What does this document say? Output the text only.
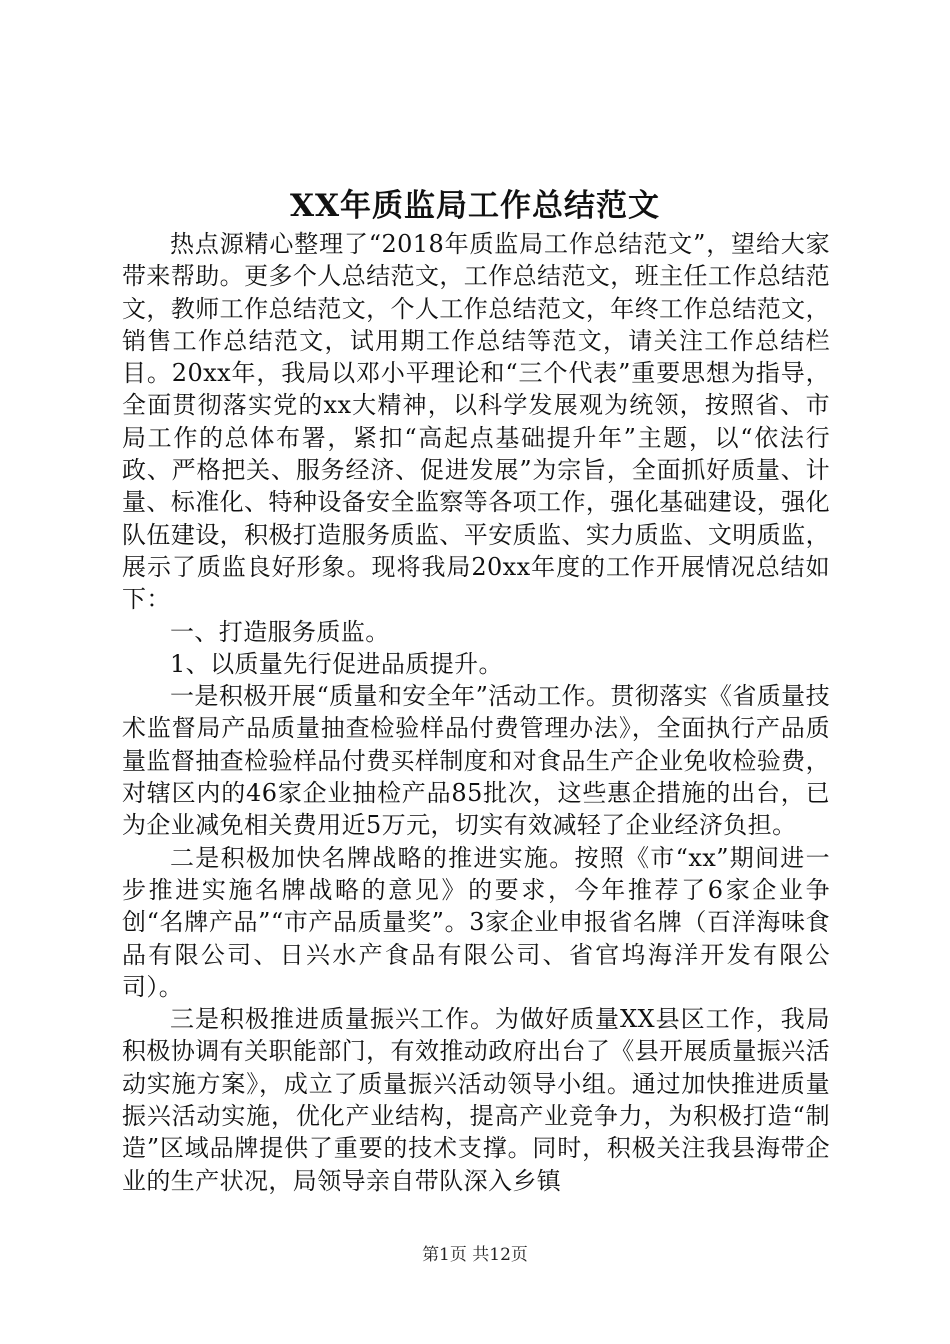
XX年质监局工作总结范文

热点源精心整理了“2018年质监局工作总结范文”，望给大家带来帮助。更多个人总结范文，工作总结范文，班主任工作总结范文，教师工作总结范文，个人工作总结范文，年终工作总结范文，销售工作总结范文，试用期工作总结等范文，请关注工作总结栏目。20xx年，我局以邓小平理论和“三个代表”重要思想为指导，全面贯彻落实党的xx大精神，以科学发展观为统领，按照省、市局工作的总体布署，紧扣“高起点基础提升年”主题，以“依法行政、严格把关、服务经济、促进发展”为宗旨，全面抓好质量、计量、标准化、特种设备安全监察等各项工作，强化基础建设，强化队伍建设，积极打造服务质监、平安质监、实力质监、文明质监，展示了质监良好形象。现将我局20xx年度的工作开展情况总结如下：

一、打造服务质监。

1、以质量先行促进品质提升。

一是积极开展“质量和安全年”活动工作。贯彻落实《省质量技术监督局产品质量抽查检验样品付费管理办法》，全面执行产品质量监督抽查检验样品付费买样制度和对食品生产企业免收检验费，对辖区内的46家企业抽检产品85批次，这些惠企措施的出台，已为企业减免相关费用近5万元，切实有效减轻了企业经济负担。

二是积极加快名牌战略的推进实施。按照《市“xx”期间进一步推进实施名牌战略的意见》的要求，今年推荐了6家企业争创“名牌产品”“市产品质量奖”。3家企业申报省名牌（百洋海味食品有限公司、日兴水产食品有限公司、省官坞海洋开发有限公司）。

三是积极推进质量振兴工作。为做好质量XX县区工作，我局积极协调有关职能部门，有效推动政府出台了《县开展质量振兴活动实施方案》，成立了质量振兴活动领导小组。通过加快推进质量振兴活动实施，优化产业结构，提高产业竞争力，为积极打造“制造”区域品牌提供了重要的技术支撑。同时，积极关注我县海带企业的生产状况，局领导亲自带队深入乡镇

第1页 共12页
